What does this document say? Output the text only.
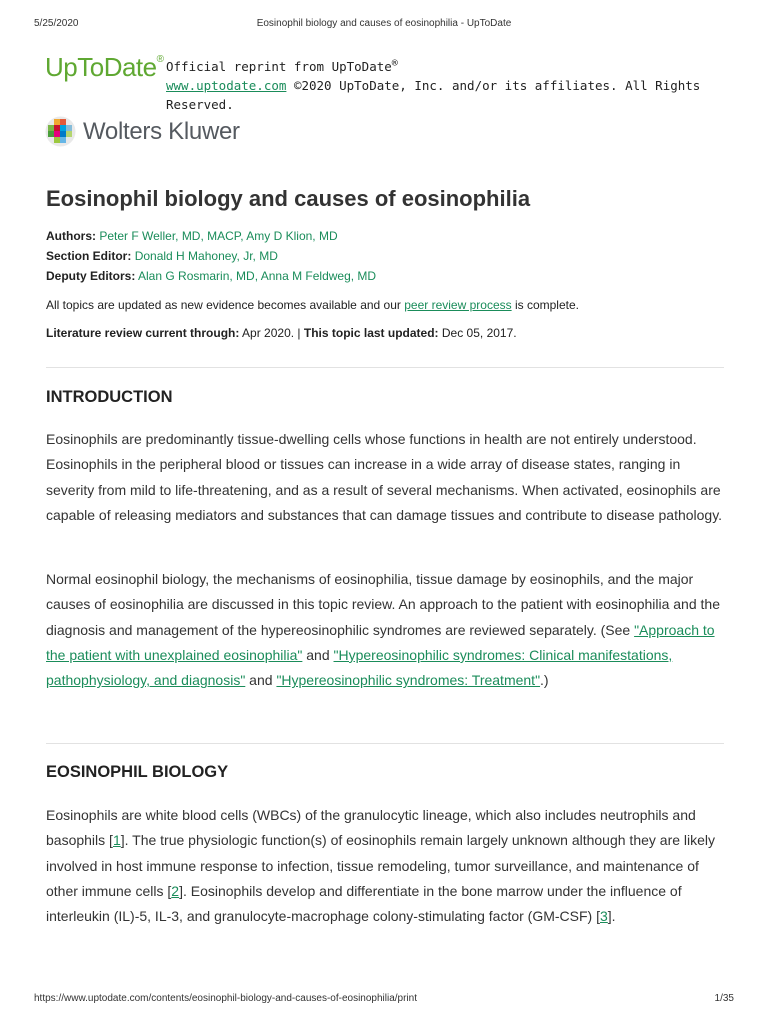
5/25/2020	Eosinophil biology and causes of eosinophilia - UpToDate
UpToDate® Official reprint from UpToDate®
www.uptodate.com ©2020 UpToDate, Inc. and/or its affiliates. All Rights Reserved.
Wolters Kluwer
Eosinophil biology and causes of eosinophilia
Authors: Peter F Weller, MD, MACP, Amy D Klion, MD
Section Editor: Donald H Mahoney, Jr, MD
Deputy Editors: Alan G Rosmarin, MD, Anna M Feldweg, MD
All topics are updated as new evidence becomes available and our peer review process is complete.
Literature review current through: Apr 2020. | This topic last updated: Dec 05, 2017.
INTRODUCTION

Eosinophils are predominantly tissue-dwelling cells whose functions in health are not entirely understood. Eosinophils in the peripheral blood or tissues can increase in a wide array of disease states, ranging in severity from mild to life-threatening, and as a result of several mechanisms. When activated, eosinophils are capable of releasing mediators and substances that can damage tissues and contribute to disease pathology.

Normal eosinophil biology, the mechanisms of eosinophilia, tissue damage by eosinophils, and the major causes of eosinophilia are discussed in this topic review. An approach to the patient with eosinophilia and the diagnosis and management of the hypereosinophilic syndromes are reviewed separately. (See "Approach to the patient with unexplained eosinophilia" and "Hypereosinophilic syndromes: Clinical manifestations, pathophysiology, and diagnosis" and "Hypereosinophilic syndromes: Treatment".)

EOSINOPHIL BIOLOGY

Eosinophils are white blood cells (WBCs) of the granulocytic lineage, which also includes neutrophils and basophils [1]. The true physiologic function(s) of eosinophils remain largely unknown although they are likely involved in host immune response to infection, tissue remodeling, tumor surveillance, and maintenance of other immune cells [2]. Eosinophils develop and differentiate in the bone marrow under the influence of interleukin (IL)-5, IL-3, and granulocyte-macrophage colony-stimulating factor (GM-CSF) [3].

https://www.uptodate.com/contents/eosinophil-biology-and-causes-of-eosinophilia/print	1/35
